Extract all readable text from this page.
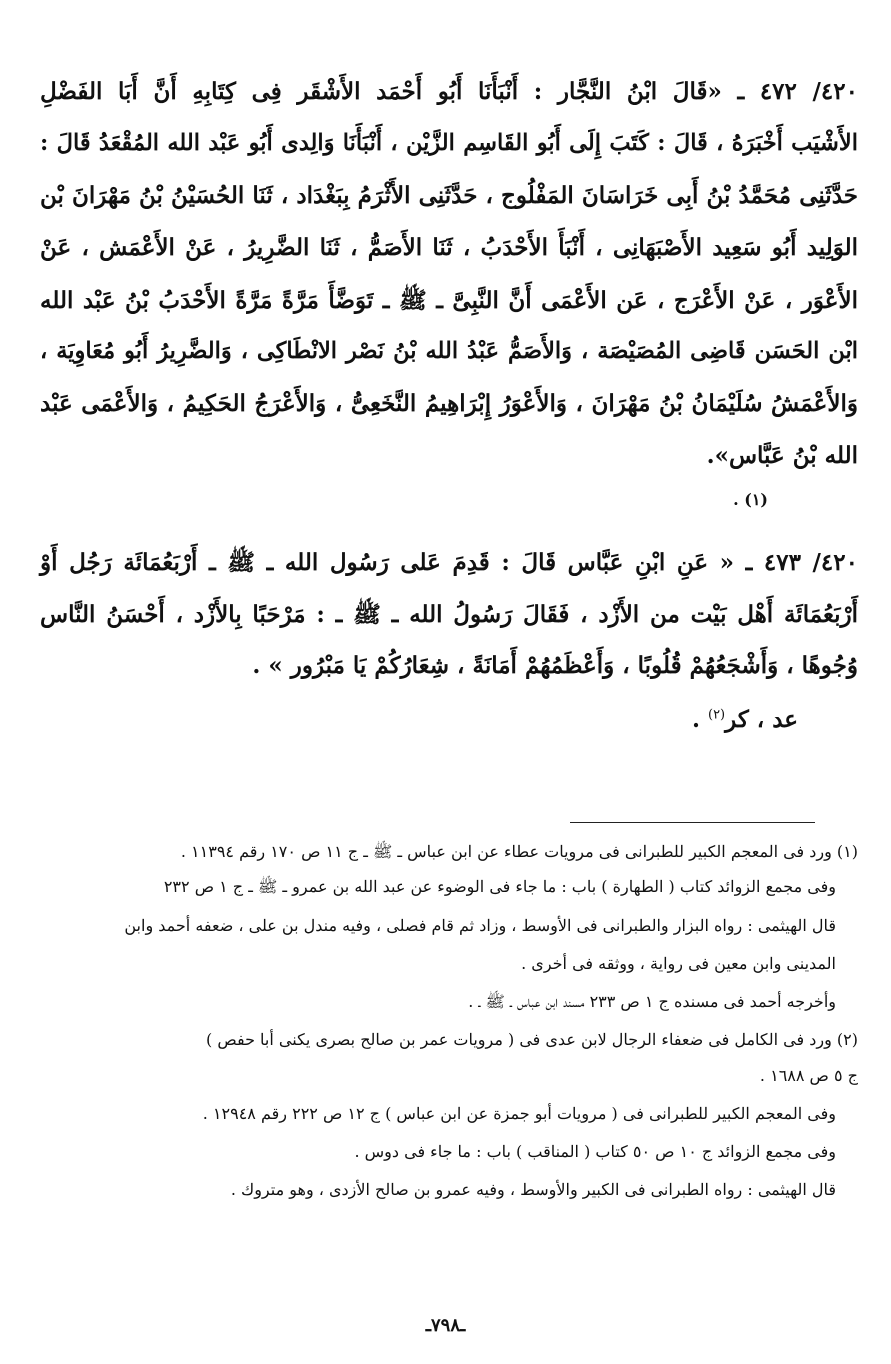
٤٢٠/ ٤٧٢ ـ «قَالَ ابْنُ النَّجَّار : أَنْبَأَنَا أَبُو أَحْمَد الأَشْقَر فِى كِتَابِهِ أَنَّ أَبَا الفَضْلِ
الأَشْيَب أَخْبَرَهُ ، قَالَ : كَتَبَ إِلَى أَبُو القَاسِم الزَّيْن ، أَنْبَأَنَا وَالِدى أَبُو عَبْد الله المُقْعَدُ قَالَ :
حَدَّثَنِى مُحَمَّدُ بْنُ أَبِى خَرَاسَانَ المَفْلُوج ، حَدَّثَنِى الأَثْرَمُ بِبَغْدَاد ، ثَنَا الحُسَيْنُ بْنُ مَهْرَانَ بْن
الوَلِيد أَبُو سَعِيد الأَصْبَهَانِى ، أَنْبَأَ الأَحْدَبُ ، ثَنَا الأَصَمُّ ، ثَنَا الضَّرِيرُ ، عَنْ الأَعْمَش ، عَنْ
الأَعْوَر ، عَنْ الأَعْرَج ، عَن الأَعْمَى أَنَّ النَّبِىَّ ـ ﷺ ـ تَوَضَّأَ مَرَّةً مَرَّةً الأَحْدَبُ بْنُ عَبْد الله
ابْن الحَسَن قَاضِى المُصَيْصَة ، وَالأَصَمُّ عَبْدُ الله بْنُ نَصْر الانْطَاكِى ، وَالضَّرِيرُ أَبُو مُعَاوِيَة ،
وَالأَعْمَشُ سُلَيْمَانُ بْنُ مَهْرَانَ ، وَالأَعْوَرُ إِبْرَاهِيمُ النَّخَعِىُّ ، وَالأَعْرَجُ الحَكِيمُ ، وَالأَعْمَى عَبْد
الله بْنُ عَبَّاس».
(١) .
٤٢٠/ ٤٧٣ ـ « عَنِ ابْنِ عَبَّاس قَالَ : قَدِمَ عَلى رَسُول الله ـ ﷺ ـ أَرْبَعُمَائَة رَجُل أَوْ
أَرْبَعُمَائَة أَهْل بَيْت من الأَزْد ، فَقَالَ رَسُولُ الله ـ ﷺ ـ : مَرْحَبًا بِالأَزْد ، أَحْسَنُ النَّاس
وُجُوهًا ، وَأَشْجَعُهُمْ قُلُوبًا ، وَأَعْظَمُهُمْ أَمَانَةً ، شِعَارُكُمْ يَا مَبْرُور » .
عد ، كر$^{(٢)}$ .
(١) ورد فى المعجم الكبير للطبرانى فى مرويات عطاء عن ابن عباس ـ ﷺ ـ ج ١١ ص ١٧٠ رقم ١١٣٩٤ .
وفى مجمع الزوائد كتاب ( الطهارة ) باب : ما جاء فى الوضوء عن عبد الله بن عمرو ـ ﷺ ـ ج ١ ص ٢٣٢
قال الهيثمى : رواه البزار والطبرانى فى الأوسط ، وزاد ثم قام فصلى ، وفيه مندل بن على ، ضعفه أحمد وابن
المدينى وابن معين فى رواية ، ووثقه فى أخرى .
وأخرجه أحمد فى مسنده ج ١ ص ٢٣٣ مسند ابن عباس ـ ﷺ ـ .
(٢) ورد فى الكامل فى ضعفاء الرجال لابن عدى فى ( مرويات عمر بن صالح بصرى يكنى أبا حفص )
ج ٥ ص ١٦٨٨ .
وفى المعجم الكبير للطبرانى فى ( مرويات أبو جمزة عن ابن عباس ) ج ١٢ ص ٢٢٢ رقم ١٢٩٤٨ .
وفى مجمع الزوائد ج ١٠ ص ٥٠ كتاب ( المناقب ) باب : ما جاء فى دوس .
قال الهيثمى : رواه الطبرانى فى الكبير والأوسط ، وفيه عمرو بن صالح الأزدى ، وهو متروك .
ـ٧٩٨ـ
